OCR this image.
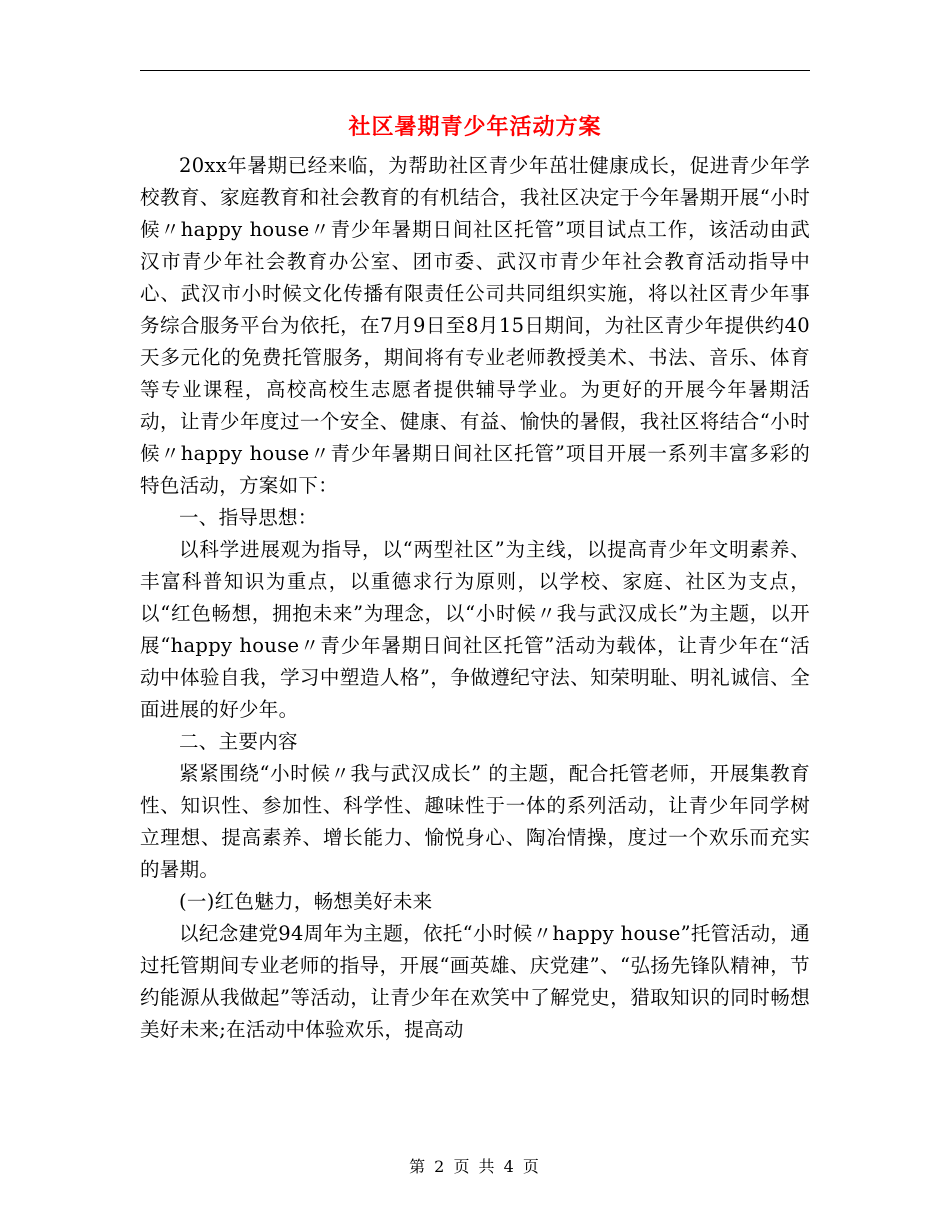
社区暑期青少年活动方案

20xx年暑期已经来临，为帮助社区青少年茁壮健康成长，促进青少年学校教育、家庭教育和社会教育的有机结合，我社区决定于今年暑期开展“小时候〃happy house〃青少年暑期日间社区托管”项目试点工作，该活动由武汉市青少年社会教育办公室、团市委、武汉市青少年社会教育活动指导中心、武汉市小时候文化传播有限责任公司共同组织实施，将以社区青少年事务综合服务平台为依托，在7月9日至8月15日期间，为社区青少年提供约40天多元化的免费托管服务，期间将有专业老师教授美术、书法、音乐、体育等专业课程，高校高校生志愿者提供辅导学业。为更好的开展今年暑期活动，让青少年度过一个安全、健康、有益、愉快的暑假，我社区将结合“小时候〃happy house〃青少年暑期日间社区托管”项目开展一系列丰富多彩的特色活动，方案如下：

一、指导思想：

以科学进展观为指导，以“两型社区”为主线，以提高青少年文明素养、丰富科普知识为重点，以重德求行为原则，以学校、家庭、社区为支点，以“红色畅想，拥抱未来”为理念，以“小时候〃我与武汉成长”为主题，以开展“happy house〃青少年暑期日间社区托管”活动为载体，让青少年在“活动中体验自我，学习中塑造人格”，争做遵纪守法、知荣明耻、明礼诚信、全面进展的好少年。

二、主要内容

紧紧围绕“小时候〃我与武汉成长” 的主题，配合托管老师，开展集教育性、知识性、参加性、科学性、趣味性于一体的系列活动，让青少年同学树立理想、提高素养、增长能力、愉悦身心、陶冶情操，度过一个欢乐而充实的暑期。

(一)红色魅力，畅想美好未来

以纪念建党94周年为主题，依托“小时候〃happy house”托管活动，通过托管期间专业老师的指导，开展“画英雄、庆党建”、“弘扬先锋队精神，节约能源从我做起”等活动，让青少年在欢笑中了解党史，猎取知识的同时畅想美好未来;在活动中体验欢乐，提高动

第 2 页 共 4 页
